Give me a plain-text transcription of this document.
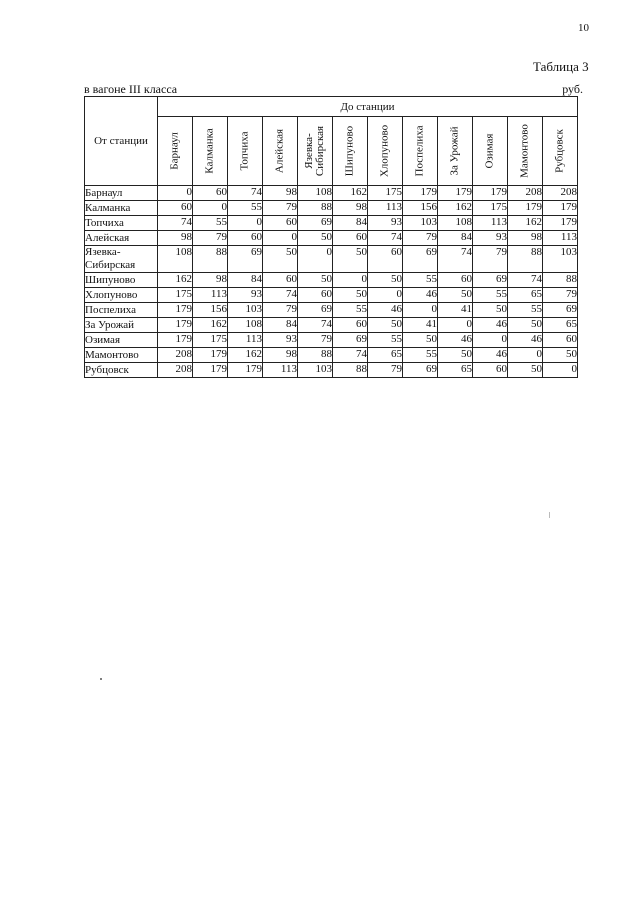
10
Таблица 3
в вагоне III класса	руб.
От станции	До станции											

	Барнаул	Калманка	Топчиха	Алейская	Язевка-
Сибирская	Шипуново	Хлопуново	Поспелиха	За Урожай	Озимая	Мамонтово	Рубцовск

Барнаул	0	60	74	98	108	162	175	179	179	179	208	208
Калманка	60	0	55	79	88	98	113	156	162	175	179	179
Топчиха	74	55	0	60	69	84	93	103	108	113	162	179
Алейская	98	79	60	0	50	60	74	79	84	93	98	113
Язевка-
Сибирская	108	88	69	50	0	50	60	69	74	79	88	103
Шипуново	162	98	84	60	50	0	50	55	60	69	74	88
Хлопуново	175	113	93	74	60	50	0	46	50	55	65	79
Поспелиха	179	156	103	79	69	55	46	0	41	50	55	69
За Урожай	179	162	108	84	74	60	50	41	0	46	50	65
Озимая	179	175	113	93	79	69	55	50	46	0	46	60
Мамонтово	208	179	162	98	88	74	65	55	50	46	0	50
Рубцовск	208	179	179	113	103	88	79	69	65	60	50	0
